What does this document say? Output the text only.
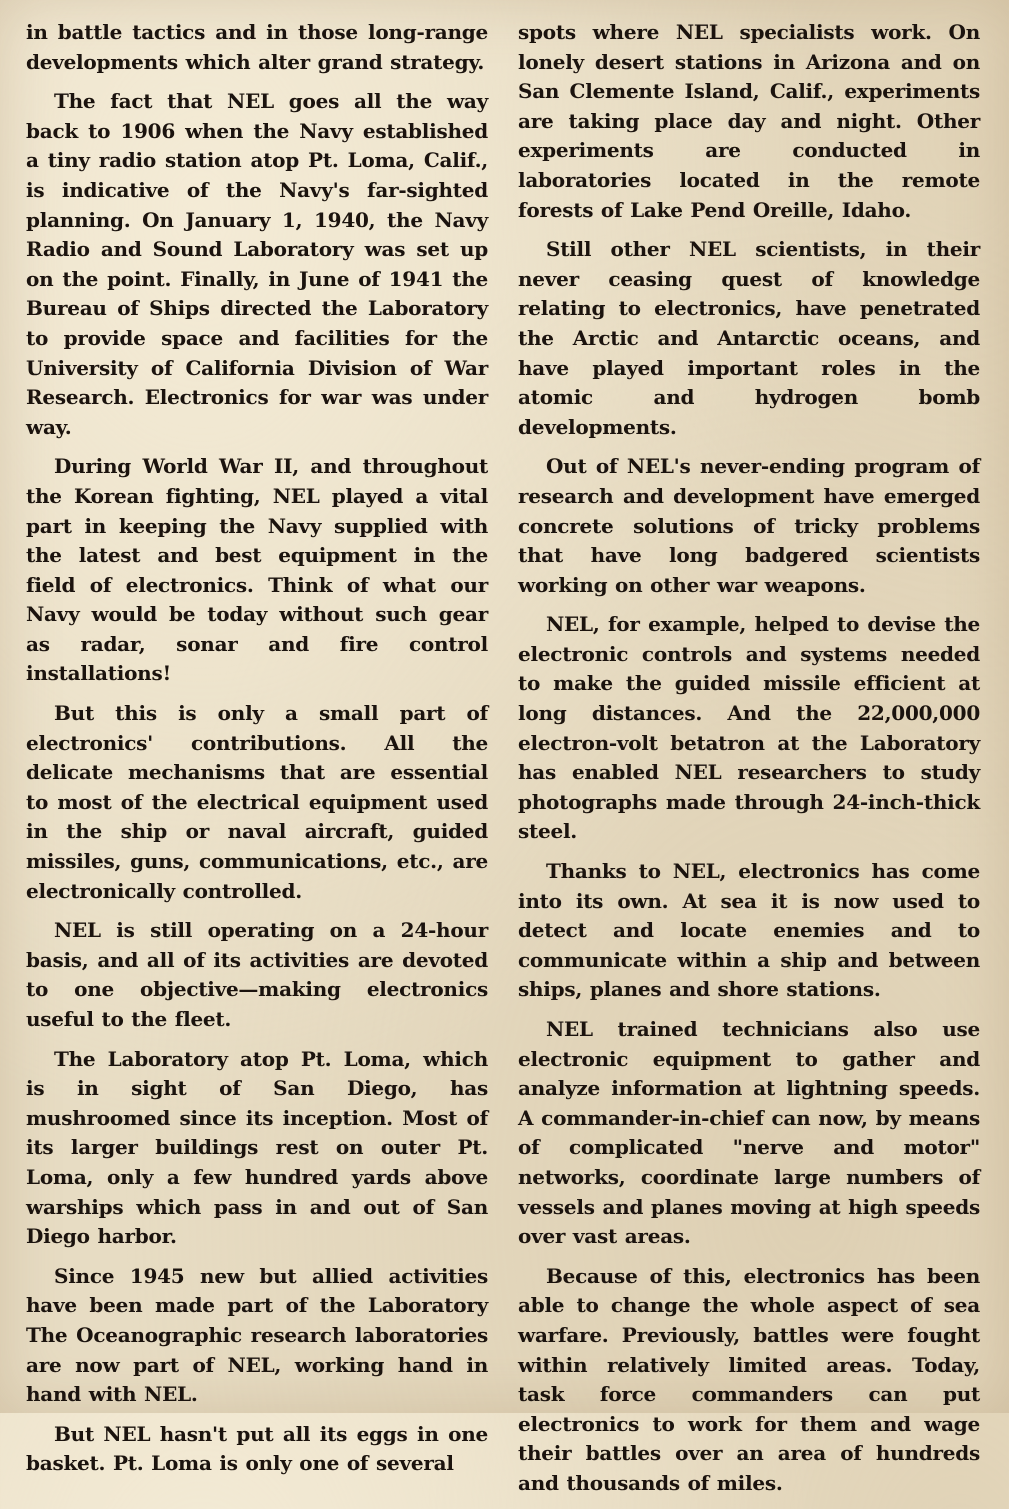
in battle tactics and in those long-range developments which alter grand strategy.

The fact that NEL goes all the way back to 1906 when the Navy established a tiny radio station atop Pt. Loma, Calif., is indicative of the Navy's far-sighted planning. On January 1, 1940, the Navy Radio and Sound Laboratory was set up on the point. Finally, in June of 1941 the Bureau of Ships directed the Laboratory to provide space and facilities for the University of California Division of War Research. Electronics for war was under way.

During World War II, and throughout the Korean fighting, NEL played a vital part in keeping the Navy supplied with the latest and best equipment in the field of electronics. Think of what our Navy would be today without such gear as radar, sonar and fire control installations!

But this is only a small part of electronics' contributions. All the delicate mechanisms that are essential to most of the electrical equipment used in the ship or naval aircraft, guided missiles, guns, communications, etc., are electronically controlled.

NEL is still operating on a 24-hour basis, and all of its activities are devoted to one objective—making electronics useful to the fleet.

The Laboratory atop Pt. Loma, which is in sight of San Diego, has mushroomed since its inception. Most of its larger buildings rest on outer Pt. Loma, only a few hundred yards above warships which pass in and out of San Diego harbor.

Since 1945 new but allied activities have been made part of the Laboratory The Oceanographic research laboratories are now part of NEL, working hand in hand with NEL.

But NEL hasn't put all its eggs in one basket. Pt. Loma is only one of several

spots where NEL specialists work. On lonely desert stations in Arizona and on San Clemente Island, Calif., experiments are taking place day and night. Other experiments are conducted in laboratories located in the remote forests of Lake Pend Oreille, Idaho.

Still other NEL scientists, in their never ceasing quest of knowledge relating to electronics, have penetrated the Arctic and Antarctic oceans, and have played important roles in the atomic and hydrogen bomb developments.

Out of NEL's never-ending program of research and development have emerged concrete solutions of tricky problems that have long badgered scientists working on other war weapons.

NEL, for example, helped to devise the electronic controls and systems needed to make the guided missile efficient at long distances. And the 22,000,000 electron-volt betatron at the Laboratory has enabled NEL researchers to study photographs made through 24-inch-thick steel.

Thanks to NEL, electronics has come into its own. At sea it is now used to detect and locate enemies and to communicate within a ship and between ships, planes and shore stations.

NEL trained technicians also use electronic equipment to gather and analyze information at lightning speeds. A commander-in-chief can now, by means of complicated "nerve and motor" networks, coordinate large numbers of vessels and planes moving at high speeds over vast areas.

Because of this, electronics has been able to change the whole aspect of sea warfare. Previously, battles were fought within relatively limited areas. Today, task force commanders can put electronics to work for them and wage their battles over an area of hundreds and thousands of miles.
